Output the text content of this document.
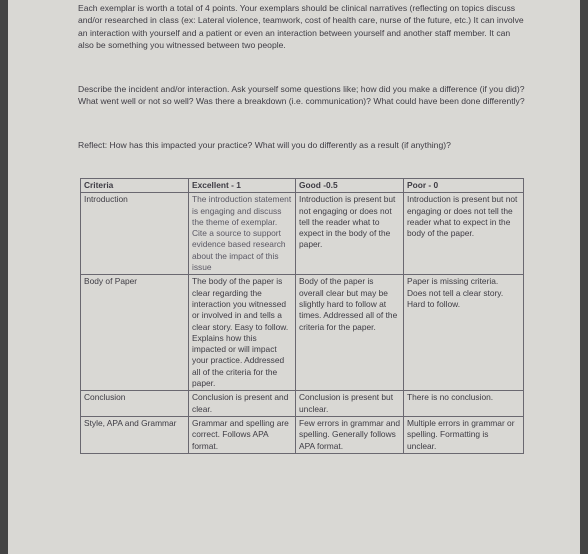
Each exemplar is worth a total of 4 points. Your exemplars should be clinical narratives (reflecting on topics discuss and/or researched in class (ex: Lateral violence, teamwork, cost of health care, nurse of the future, etc.) It can involve an interaction with yourself and a patient or even an interaction between yourself and another staff member. It can also be something you witnessed between two people.
Describe the incident and/or interaction. Ask yourself some questions like; how did you make a difference (if you did)? What went well or not so well? Was there a breakdown (i.e. communication)? What could have been done differently?
Reflect: How has this impacted your practice? What will you do differently as a result (if anything)?
Criteria	Excellent - 1	Good -0.5	Poor - 0
Introduction	The introduction statement is engaging and discuss the theme of exemplar. Cite a source to support evidence based research about the impact of this issue	Introduction is present but not engaging or does not tell the reader what to expect in the body of the paper.	Introduction is present but not engaging or does not tell the reader what to expect in the body of the paper.
Body of Paper	The body of the paper is clear regarding the interaction you witnessed or involved in and tells a clear story. Easy to follow. Explains how this impacted or will impact your practice. Addressed all of the criteria for the paper.	Body of the paper is overall clear but may be slightly hard to follow at times. Addressed all of the criteria for the paper.	Paper is missing criteria. Does not tell a clear story. Hard to follow.
Conclusion	Conclusion is present and clear.	Conclusion is present but unclear.	There is no conclusion.
Style, APA and Grammar	Grammar and spelling are correct. Follows APA format.	Few errors in grammar and spelling. Generally follows APA format.	Multiple errors in grammar or spelling. Formatting is unclear.
